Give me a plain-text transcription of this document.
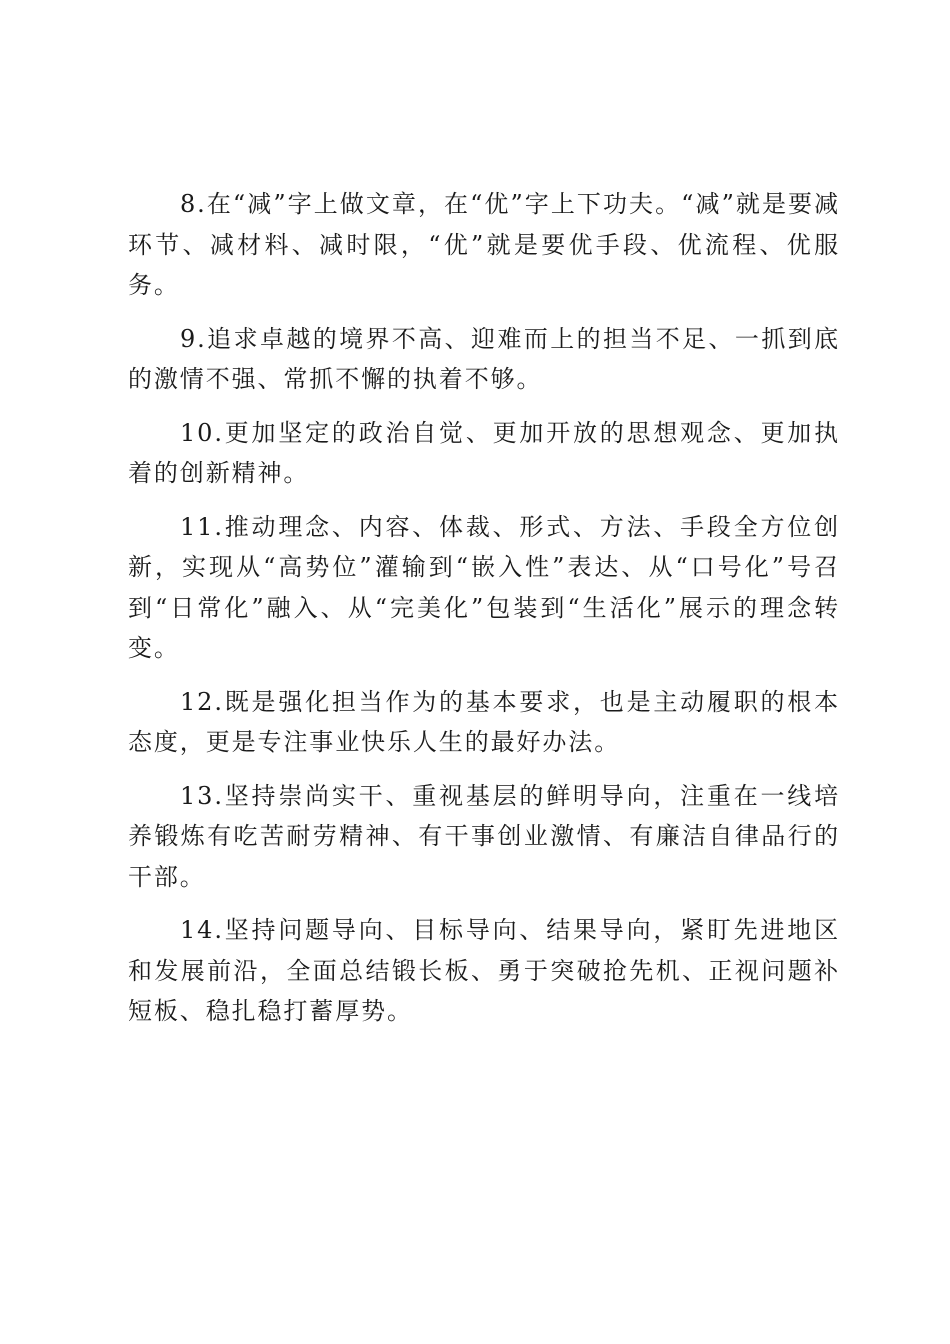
8.在“减”字上做文章，在“优”字上下功夫。“减”就是要减环节、减材料、减时限，“优”就是要优手段、优流程、优服务。

9.追求卓越的境界不高、迎难而上的担当不足、一抓到底的激情不强、常抓不懈的执着不够。

10.更加坚定的政治自觉、更加开放的思想观念、更加执着的创新精神。

11.推动理念、内容、体裁、形式、方法、手段全方位创新，实现从“高势位”灌输到“嵌入性”表达、从“口号化”号召到“日常化”融入、从“完美化”包装到“生活化”展示的理念转变。

12.既是强化担当作为的基本要求，也是主动履职的根本态度，更是专注事业快乐人生的最好办法。

13.坚持崇尚实干、重视基层的鲜明导向，注重在一线培养锻炼有吃苦耐劳精神、有干事创业激情、有廉洁自律品行的干部。

14.坚持问题导向、目标导向、结果导向，紧盯先进地区和发展前沿，全面总结锻长板、勇于突破抢先机、正视问题补短板、稳扎稳打蓄厚势。
